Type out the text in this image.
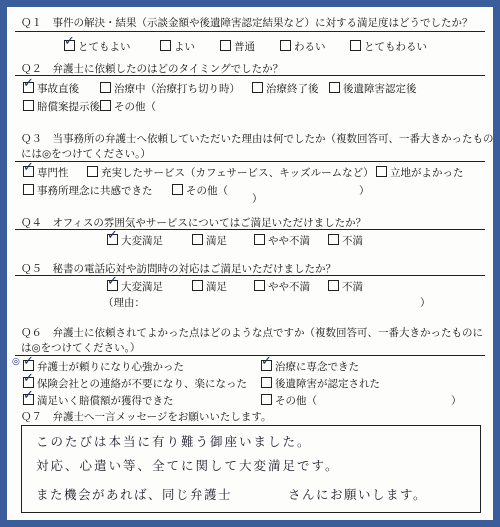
Ｑ１　事件の解決・結果（示談金額や後遺障害認定結果など）に対する満足度はどうでしたか？
✓ とてもよい	よい	普通	わるい	とてもわるい
Ｑ２　弁護士に依頼したのはどのタイミングでしたか？
✓ 事故直後	治療中（治療打ち切り時）	治療終了後	後遺障害認定後
賠償案提示後	その他（
）
Ｑ３　当事務所の弁護士へ依頼していただいた理由は何でしたか（複数回答可、一番大きかったもの
には◎をつけてください。）
✓ 専門性	充実したサービス（カフェサービス、キッズルームなど）	立地がよかった
事務所理念に共感できた	その他（	）
Ｑ４　オフィスの雰囲気やサービスについてはご満足いただけましたか？
✓ 大変満足	満足	やや不満	不満
Ｑ５　秘書の電話応対や訪問時の対応はご満足いただけましたか？
✓ 大変満足	満足	やや不満	不満
（理由：	）
Ｑ６　弁護士に依頼されてよかった点はどのような点ですか（複数回答可、一番大きかったものに
は◎をつけてください。）
◎ ✓ 弁護士が頼りになり心強かった	✓ 治療に専念できた
✓ 保険会社との連絡が不要になり、楽になった	後遺障害が認定された
✓ 満足いく賠償額が獲得できた	その他（	）
Ｑ７　弁護士へ一言メッセージをお願いいたします。
このたびは本当に有り難う御座いました。
対応、心遣い等、全てに関して大変満足です。
また機会があれば、同じ弁護士　　　　さんにお願いします。
